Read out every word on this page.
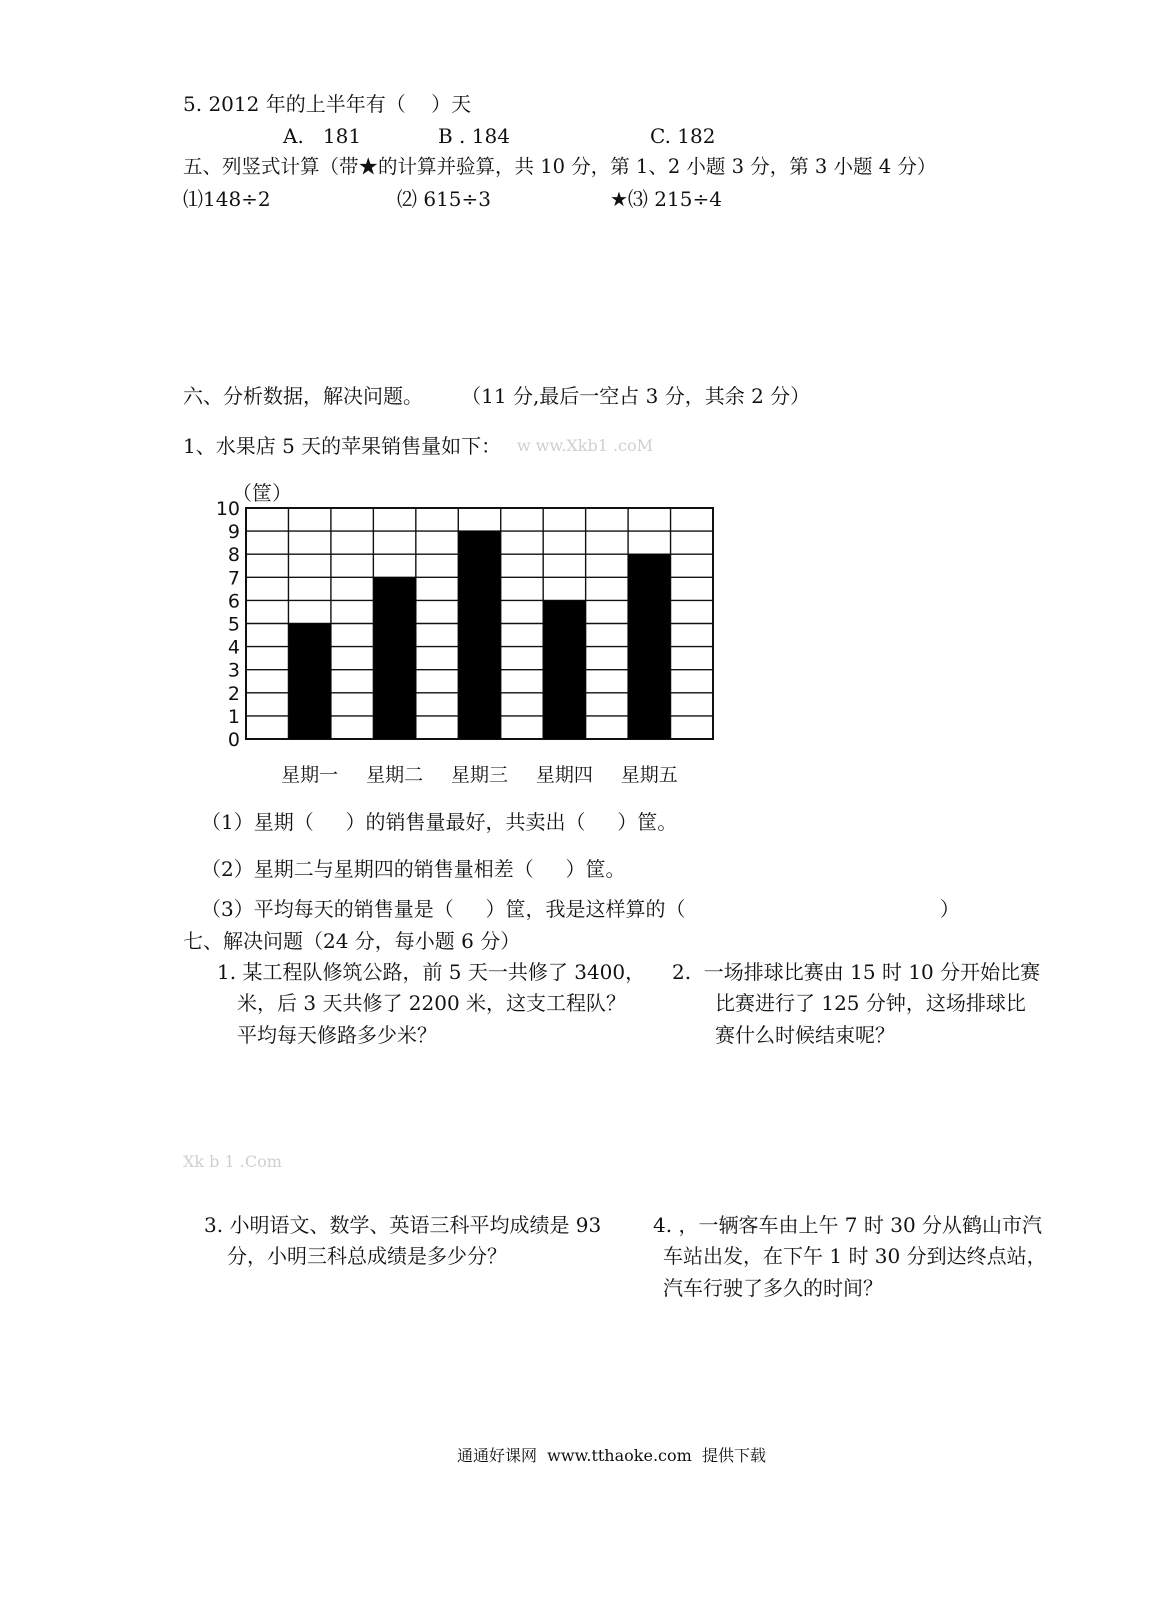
5. 2012 年的上半年有（    ）天
A.   181	B . 184	C. 182
五、列竖式计算（带★的计算并验算，共 10 分，第 1、2 小题 3 分，第 3 小题 4 分）
⑴148÷2	⑵ 615÷3	★⑶ 215÷4
六、分析数据，解决问题。      （11 分,最后一空占 3 分，其余 2 分）
1、水果店 5 天的苹果销售量如下： w ww.Xkb1 .coM
0
1
2
3
4
5
6
7
8
9
10
星期一 星期二 星期三 星期四 星期五
（筐）
（1）星期（     ）的销售量最好，共卖出（     ）筐。
（2）星期二与星期四的销售量相差（     ）筐。
（3）平均每天的销售量是（     ）筐，我是这样算的（                                        ）
七、解决问题（24 分，每小题 6 分）
1. 某工程队修筑公路，前 5 天一共修了 3400，
米，后 3 天共修了 2200 米，这支工程队？
平均每天修路多少米？
2.  一场排球比赛由 15 时 10 分开始比赛
比赛进行了 125 分钟，这场排球比
赛什么时候结束呢？
Xk b 1 .Com
3. 小明语文、数学、英语三科平均成绩是 93
分，小明三科总成绩是多少分？
4. ，一辆客车由上午 7 时 30 分从鹤山市汽
车站出发，在下午 1 时 30 分到达终点站，
汽车行驶了多久的时间？
通通好课网  www.tthaoke.com  提供下载
